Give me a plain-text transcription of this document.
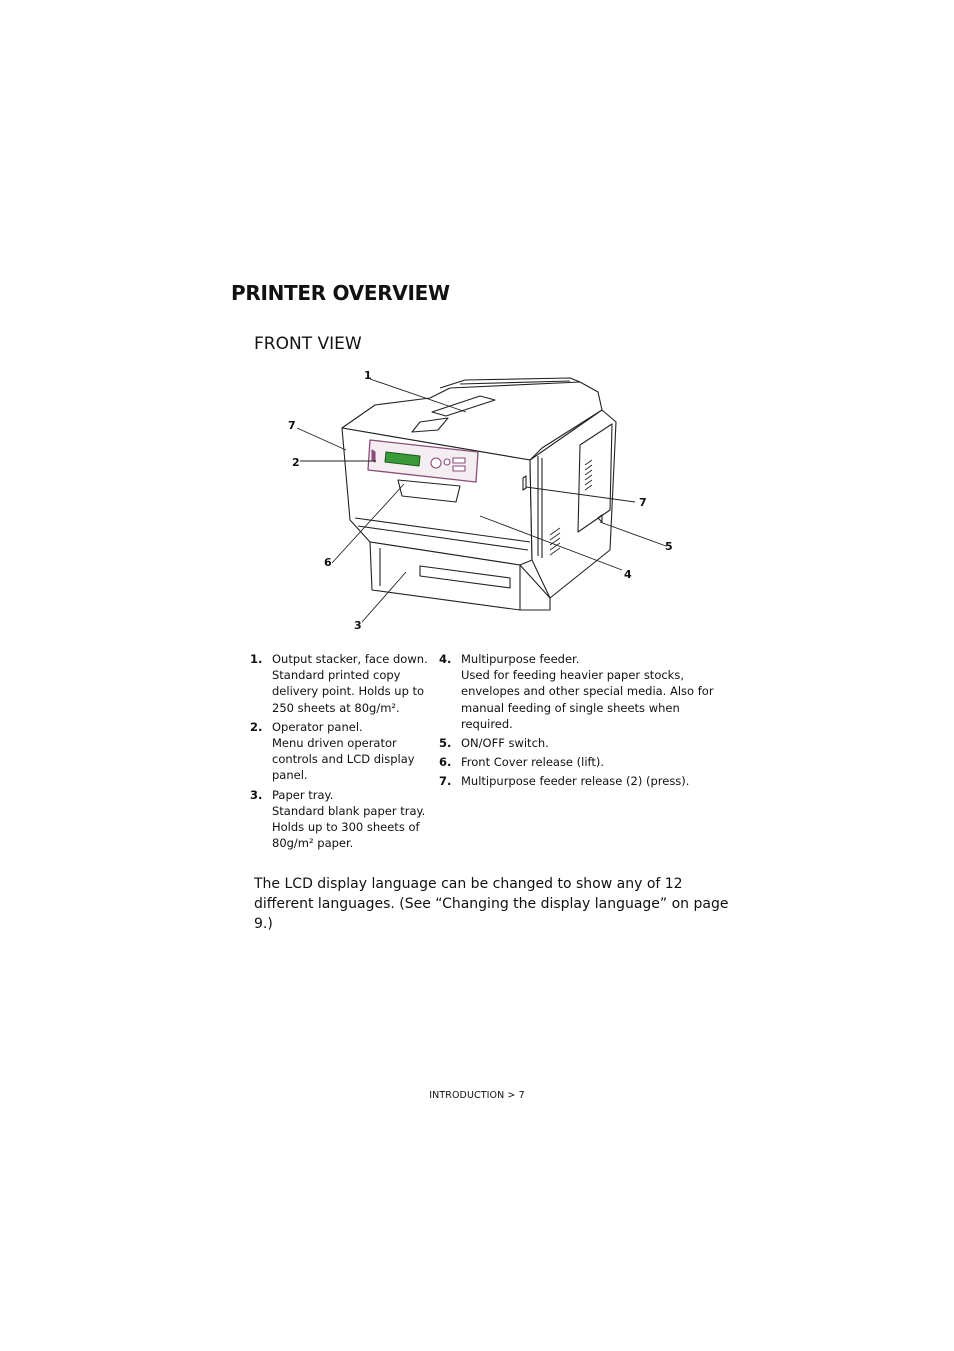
PRINTER OVERVIEW
FRONT VIEW
1
7
2
6
3
7
5
4
1. Output stacker, face down.
Standard printed copy
delivery point. Holds up to
250 sheets at 80g/m².
2. Operator panel.
Menu driven operator
controls and LCD display
panel.
3. Paper tray.
Standard blank paper tray.
Holds up to 300 sheets of
80g/m² paper.
4. Multipurpose feeder.
Used for feeding heavier paper stocks,
envelopes and other special media. Also for
manual feeding of single sheets when
required.
5. ON/OFF switch.
6. Front Cover release (lift).
7. Multipurpose feeder release (2) (press).

The LCD display language can be changed to show any of 12 different languages. (See “Changing the display language” on page 9.)

INTRODUCTION > 7
